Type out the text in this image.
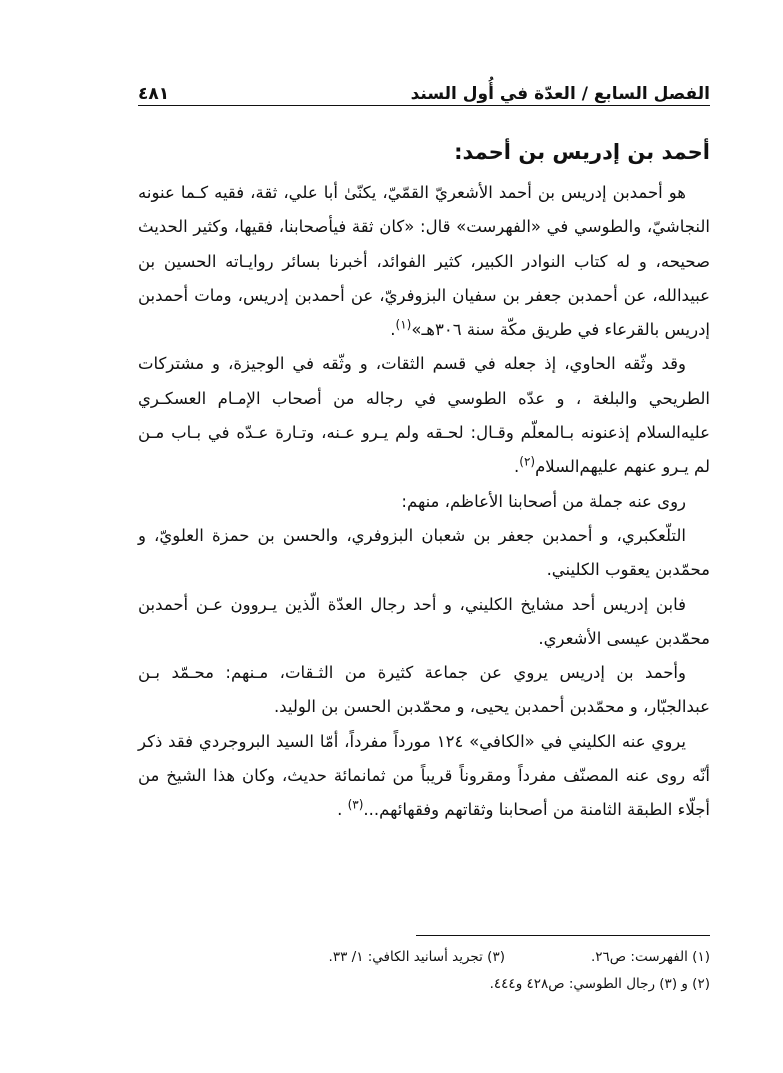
الفصل السابع / العدّة في أُول السند
٤٨١
أحمد بن إدريس بن أحمد:

هو أحمدبن إدريس بن أحمد الأشعريّ القمّيّ، يكنّىٰ أبا علي، ثقة، فقيه كـما عنونه النجاشيّ، والطوسي في «الفهرست» قال: «كان ثقة فيأصحابنا، فقيها، وكثير الحديث صحيحه، و له كتاب النوادر الكبير، كثير الفوائد، أخبرنا بسائر روايـاته الحسين بن عبيدالله، عن أحمدبن جعفر بن سفيان البزوفريّ، عن أحمدبن إدريس، ومات أحمدبن إدريس بالقرعاء في طريق مكّة سنة ٣٠٦هـ»$^{(١)}$.

وقد وثّقه الحاوي، إذ جعله في قسم الثقات، و وثّقه في الوجيزة، و مشتركات الطريحي والبلغة ، و عدّه الطوسي في رجاله من أصحاب الإمـام العسكـري عليه‌السلام إذعنونه بـالمعلّم وقـال: لحـقه ولم يـرو عـنه، وتـارة عـدّه في بـاب مـن لم يـرو عنهم عليهم‌السلام$^{(٢)}$.

روى عنه جملة من أصحابنا الأعاظم، منهم:

التلّعكبري، و أحمدبن جعفر بن شعبان البزوفري، والحسن بن حمزة العلويّ، و محمّدبن يعقوب الكليني.

فابن إدريس أحد مشايخ الكليني، و أحد رجال العدّة الّذين يـروون عـن أحمدبن محمّدبن عيسى الأشعري.

وأحمد بن إدريس يروي عن جماعة كثيرة من الثـقات، مـنهم: محـمّد بـن عبدالجبّار، و محمّدبن أحمدبن يحيى، و محمّدبن الحسن بن الوليد.

يروي عنه الكليني في «الكافي» ١٢٤ مورداً مفرداً، أمّا السيد البروجردي فقد ذكر أنّه روى عنه المصنّف مفرداً ومقروناً قريباً من ثمانمائة حديث، وكان هذا الشيخ من أجلّاء الطبقة الثامنة من أصحابنا وثقاتهم وفقهائهم...$^{(٣)}$ .

(١) الفهرست: ص٢٦.
(٣) تجريد أسانيد الكافي: ١/ ٣٣.
(٢) و (٣) رجال الطوسي: ص٤٢٨ و٤٤٤.
